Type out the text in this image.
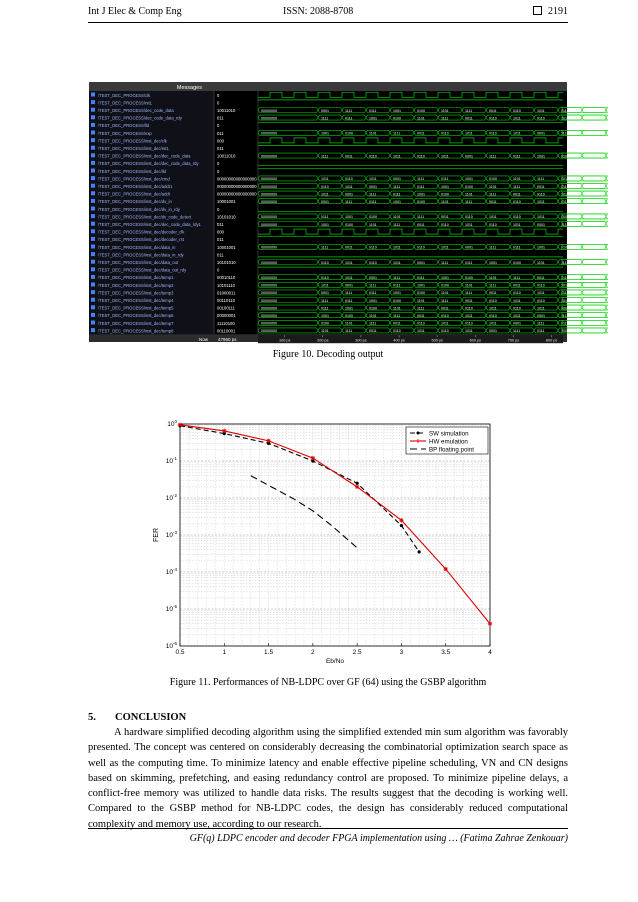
Int J Elec & Comp Eng	ISSN: 2088-8708	2191
Messages
/TEST_DEC_PROCESS/clk	0
/TEST_DEC_PROCESS/rst1	0
/TEST_DEC_PROCESS/dec_code_data	10011010	00000000	0001	1111	0111	1001	0100	1101	1111	0011	0110	1011	0110	1011
/TEST_DEC_PROCESS/dec_code_data_rdy	011	00000000	1111	0111	1001	0100	1101	1111	0011	0110	1011	0110	1011	0001
/TEST_DEC_PROCESS/lld	0
/TEST_DEC_PROCESS/exp	011	00000000	1001	0100	1101	1111	0011	0110	1011	0110	1011	0001	1111	0111
/TEST_DEC_PROCESS/inst_dec/clk	000
/TEST_DEC_PROCESS/inst_dec/rst1	011
/TEST_DEC_PROCESS/inst_dec/dec_code_data	10011010	00000000	1111	0011	0110	1011	0110	1011	0001	1111	0111	1001	0100	1101
/TEST_DEC_PROCESS/inst_dec/dec_code_data_rdy	0
/TEST_DEC_PROCESS/inst_dec/lld	0
/TEST_DEC_PROCESS/inst_dec/cmd	00000000000000000 00000000	1011	0110	1011	0001	1111	0111	1001	0100	1101	1111	0011	0110
/TEST_DEC_PROCESS/inst_dec/addr1	00000000000000000 00000000	0110	1011	0001	1111	0111	1001	0100	1101	1111	0011	0110	1011
/TEST_DEC_PROCESS/inst_dec/addr	00000000000000000 00000000	1011	0001	1111	0111	1001	0100	1101	1111	0011	0110	1011	0110
/TEST_DEC_PROCESS/inst_dec/dv_in	10001001	00000000	0001	1111	0111	1001	0100	1101	1111	0011	0110	1011	0110	1011
/TEST_DEC_PROCESS/inst_dec/dv_in_rdy	0
/TEST_DEC_PROCESS/inst_dec/dv_code_detect	10101010	00000000	0111	1001	0100	1101	1111	0011	0110	1011	0110	1011	0001	1111
/TEST_DEC_PROCESS/inst_dec/dec_code_data_rdy1	011	00000000	1001	0100	1101	1111	0011	0110	1011	0110	1011	0001	1111	0111
/TEST_DEC_PROCESS/inst_dec/decoder_clk	000
/TEST_DEC_PROCESS/inst_dec/decoder_rst	011
/TEST_DEC_PROCESS/inst_dec/data_in	10001001	00000000	1111	0011	0110	1011	0110	1011	0001	1111	0111	1001	0100	1101
/TEST_DEC_PROCESS/inst_dec/data_in_rdy	011
/TEST_DEC_PROCESS/inst_dec/data_out	10101010	00000000	0110	1011	0110	1011	0001	1111	0111	1001	0100	1101	1111	0011
/TEST_DEC_PROCESS/inst_dec/data_out_rdy	0
/TEST_DEC_PROCESS/inst_dec/temp1	00010110	00000000	0110	1011	0001	1111	0111	1001	0100	1101	1111	0011	0110	1011
/TEST_DEC_PROCESS/inst_dec/temp2	10101110	00000000	1011	0001	1111	0111	1001	0100	1101	1111	0011	0110	1011	0110
/TEST_DEC_PROCESS/inst_dec/temp3	01000011	00000000	0001	1111	0111	1001	0100	1101	1111	0011	0110	1011	0110	1011
/TEST_DEC_PROCESS/inst_dec/temp4	00110110	00000000	1111	0111	1001	0100	1101	1111	0011	0110	1011	0110	1011	0001
/TEST_DEC_PROCESS/inst_dec/temp5	00100111	00000000	0111	1001	0100	1101	1111	0011	0110	1011	0110	1011	0001	1111
/TEST_DEC_PROCESS/inst_dec/temp6	00000001	00000000	1001	0100	1101	1111	0011	0110	1011	0110	1011	0001	1111	0111
/TEST_DEC_PROCESS/inst_dec/temp7	11110100	00000000	0100	1101	1111	0011	0110	1011	0110	1011	0001	1111	0111	1001
/TEST_DEC_PROCESS/inst_dec/temp8	00110001	00000000	1101	1111	0011	0110	1011	0110	1011	0001	1111	0111	1001	0100
Now 47960 ps
Cursor 1 47.688 ns
100 ps	200 ps	300 ps	400 ps	500 ps	600 ps	700 ps	800 ps
Figure 10. Decoding output
0.5	1	1.5	2	2.5	3	3.5	4
$10^0$
$10^{-1}$
$10^{-2}$
$10^{-3}$
$10^{-4}$
$10^{-5}$
$10^{-6}$
Eb/No
FER
SW simulation
HW emulation
BP floating point
Figure 11. Performances of NB-LDPC over GF (64) using the GSBP algorithm
5. CONCLUSION
A hardware simplified decoding algorithm using the simplified extended min sum algorithm was favorably presented. The concept was centered on considerably decreasing the combinatorial optimization search space as well as the computing time. To minimize latency and enable effective pipeline scheduling, VN and CN designs based on skimming, prefetching, and easing redundancy control are proposed. To minimize pipeline delays, a conflict-free memory was utilized to handle data risks. The results suggest that the decoding is working well. Compared to the GSBP method for NB-LDPC codes, the design has considerably reduced computational complexity and memory use, according to our research.
GF(q) LDPC encoder and decoder FPGA implementation using … (Fatima Zahrae Zenkouar)
